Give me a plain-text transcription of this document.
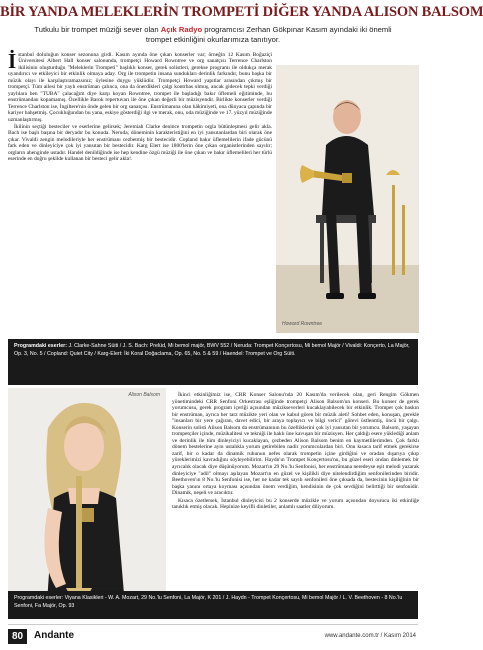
BİR YANDA MELEKLERİN TROMPETİ DİĞER YANDA ALISON BALSOM
Tutkulu bir trompet müziği sever olan Açık Radyo programcısı Zerhan Gökpınar Kasım ayındaki iki önemli trompet etkinliğini okurlarımıza tanıtıyor.

İstanbul doluluğun konser sezonuna girdi. Kasım ayında öne çıkan konserler var; örneğin 12 Kasım Boğaziçi Üniversitesi Albert Hall konser salonunda, trompetçi Howard Rowntree ve org sanatçısı Terrence Charlston ikilisinin oluşturduğu "Meleklerin Trompeti" başlıklı konser, gerek solistleri, gerekse programı ile oldukça merak uyandırıcı ve etkileyici bir etkinlik olmaya aday. Org ile trompetin insana sundukları derinlik farkındır, bunu başka bir müzik olayı ile karşılaştıramazsınız; öylesine duygu yüklüdür. Trompetçi Howard yapıtlar arasından çıkmış bir trompetçi. Tüm ailesi bir yaylı enstrüman çalınca, ona da önerdikleri çalgı kontrbas olmuş, ancak gidecek tepki verdiği yaylılara ben "TUBA" çalacağım diye karşı koyan Rowntree, trompet ile başladığı bakır üflemeli eğitiminde, bu enstrümandan kopamamış. Özellikle Barok repertuvarı ile öne çıkan değerli bir müzisyendir. Birlikte konserler verdiği Terrence Charlston ise, İngiltere'nin önde gelen bir org sanatçısı. Enstrümanına olan hâkimiyeti, ona dünyaca çapında bir kariyer bahşetmiş. Çocukluğundan bu yana, eskiye gösterdiği ilgi ve merak, onu, oda müziğinde ve 17. yüzyıl müziğinde uzmanlaştırmış.

İkilinin seçtiği besteciler ve eserlerine gelirsek; Jeremiah Clarke denince trompetin orgla bütünleşmesi gelir akla. Bach ise başlı başına bir deryadır bu konuda. Neruda, döneminin karakteristiğini en iyi yansıtanlardan biri olarak öne çıkar. Vivaldi zengin melodileriyle her enstrümanı cezbetmiş bir bestecidir. Copland bakır üflemelilerin ifade gücünü fark eden ve dinleyiciye çok iyi yansıtan bir bestecidir. Karg Elert ise 1800'lerin öne çıkan organistlerinden sayılır; orgların ahenginde ustadır. Handel denildiğinde ise hep kendine özgü müziği ile öne çıkan ve bakır üflemelileri her türlü eserinde en doğru şekilde kullanan bir besteci gelir akla!.

Howard Rowntree
Programdaki eserler: J. Clarke-Sahne Süiti / J. S. Bach: Prelüd, Mi bemol majör, BWV 552 / Neruda: Trompet Konçertosu, Mi bemol Majör / Vivaldi: Konçerto, La Majör, Op. 3, No. 5 / Copland: Quiet City / Karg-Elert: İki Koral Doğaclama, Op. 65, No. 5 & 59 / Haendel: Trompet ve Org Süiti.
Alison Balsom	İkinci etkinliğimiz ise, CRR Konser Salonu'nda 20 Kasım'da verilecek olan, geri Rengim Gökmen yönetimindeki CRR Senfoni Orkestrası eşliğinde trompetçi Alison Balsom'un konseri. Bu konser de gerek yorumcusu, gerek program içeriği açısından müzikseverleri kucaklayabilecek bir etkinlik. Trompet çok baskın bir enstrüman, ayrıca her tarz müzikte yeri olan ve kabul gören bir müzik aleti! Sohbet eden, konuşan, gerekle "insanları bir yere çağıran, davet edici, bir araya toplayıcı ve bilgi verici" görevi üstlenmiş, öncü bir çalgı. Konserin solisti Alison Balsom da enstrümanının bu özelliklerini çok iyi yansıtan bir yorumcu. Balsom, yaşayan trompetçiler içinde, müzikalitesi ve tekniği ile haklı üne kavuşan bir müzisyen. Her çaldığı esere yüklediği anlam ve derinlik ile tüm dinleyiciyi kucaklayan, çezbeden Alison Balsom benim en kaymetlilerimden. Çok farklı dönem bestelerine aynı ustalıkla yorum getirebilen nadir yorumculardan biri. Onu kısaca tarif etmek gerekirse zarif, bir o kadar da dinamik ruhunun nefes olarak trompetin içine girdiğini ve oradan dışarıya çıkıp yüreklerimizi kavradığını söyleyebilirim. Haydn'ın Trompet Konçertosu'nu, bu güzel eseri ondan dinlemek bir ayrıcalık olacak diye düşünüyorum. Mozart'ın 29 No.'lu Senfonisi, her enstrümana neredeyse eşit melodi yazarak dinleyiciye "adil" olmayı aşılayan Mozart'ın en güzel ve kişilikli diye nitelendirdiğim senfonilerinden biridir. Beethoven'ın 8 No.'lu Senfonisi ise, her ne kadar tek sayılı senfonileri öne çıksada da, bestecinin kişiliğinin bir başka yanını ortaya koyması açısından önem verdiğim, kendisinin de çok sevdiğini belirttiği bir senfonidir. Dinamik, neşeli ve aracıktır.

Kısaca özetlersek, İstanbul dinleyicisi bu 2 konserde müzikle ve yorum açısından doyurucu iki etkinliğe tanıklık etmiş olacak. Hepinize keyifli dinletiler, anlamlı saatler diliyorum.

Programdaki eserler: Viyana Klasikleri - W. A. Mozart, 29 No.'lu Senfoni, La Majör, K 201 / J. Haydn - Trompet Konçertosu, Mi bemol Majör / L. V. Beethoven - 8 No.'lu Senfoni, Fa Majör, Op. 93
80	Andante	www.andante.com.tr / Kasım 2014
